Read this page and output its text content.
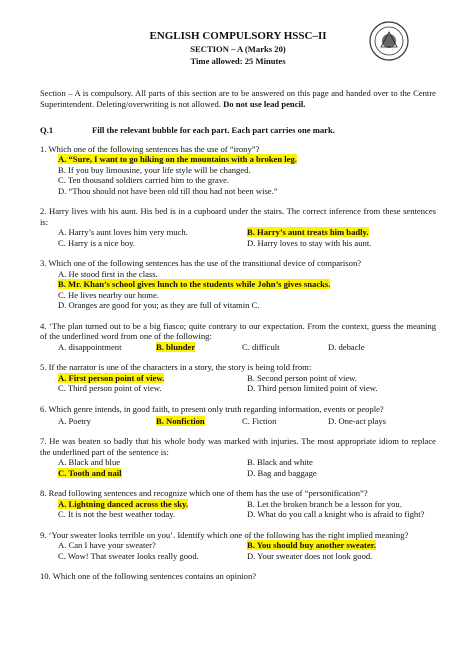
ENGLISH COMPULSORY HSSC–II
SECTION – A (Marks 20)
Time allowed: 25 Minutes
Section – A is compulsory. All parts of this section are to be answered on this page and handed over to the Centre Superintendent. Deleting/overwriting is not allowed. Do not use lead pencil.
Q.1	Fill the relevant bubble for each part. Each part carries one mark.
1. Which one of the following sentences has the use of “irony”?
A. “Sure, I want to go hiking on the mountains with a broken leg.
B. If you buy limousine, your life style will be changed.
C. Ten thousand soldiers carried him to the grave.
D. “Thou should not have been old till thou had not been wise.”
2. Harry lives with his aunt. His bed is in a cupboard under the stairs. The correct inference from these sentences is:
A. Harry’s aunt loves him very much.	B. Harry’s aunt treats him badly.
C. Harry is a nice boy.	D. Harry loves to stay with his aunt.
3. Which one of the following sentences has the use of the transitional device of comparison?
A. He stood first in the class.
B. Mr. Khan’s school gives lunch to the students while John’s gives snacks.
C. He lives nearby our home.
D. Oranges are good for you; as they are full of vitamin C.
4. ‘The plan turned out to be a big fiasco; quite contrary to our expectation. From the context, guess the meaning of the underlined word from one of the following:
A. disappointment	B. blunder	C. difficult	D. debacle
5. If the narrator is one of the characters in a story, the story is being told from:
A. First person point of view.	B. Second person point of view.
C. Third person point of view.	D. Third person limited point of view.
6. Which genre intends, in good faith, to present only truth regarding information, events or people?
A. Poetry	B. Nonfiction	C. Fiction	D. One-act plays
7. He was beaten so badly that his whole body was marked with injuries. The most appropriate idiom to replace the underlined part of the sentence is:
A. Black and blue	B. Black and white
C. Tooth and nail	D. Bag and baggage
8. Read following sentences and recognize which one of them has the use of “personification”?
A. Lightning danced across the sky.	B. Let the broken branch be a lesson for you.
C. It is not the best weather today.	D. What do you call a knight who is afraid to fight?
9. ‘Your sweater looks terrible on you’. Identify which one of the following has the right implied meaning?
A. Can I have your sweater?	B. You should buy another sweater.
C. Wow! That sweater looks really good.	D. Your sweater does not look good.
10. Which one of the following sentences contains an opinion?
